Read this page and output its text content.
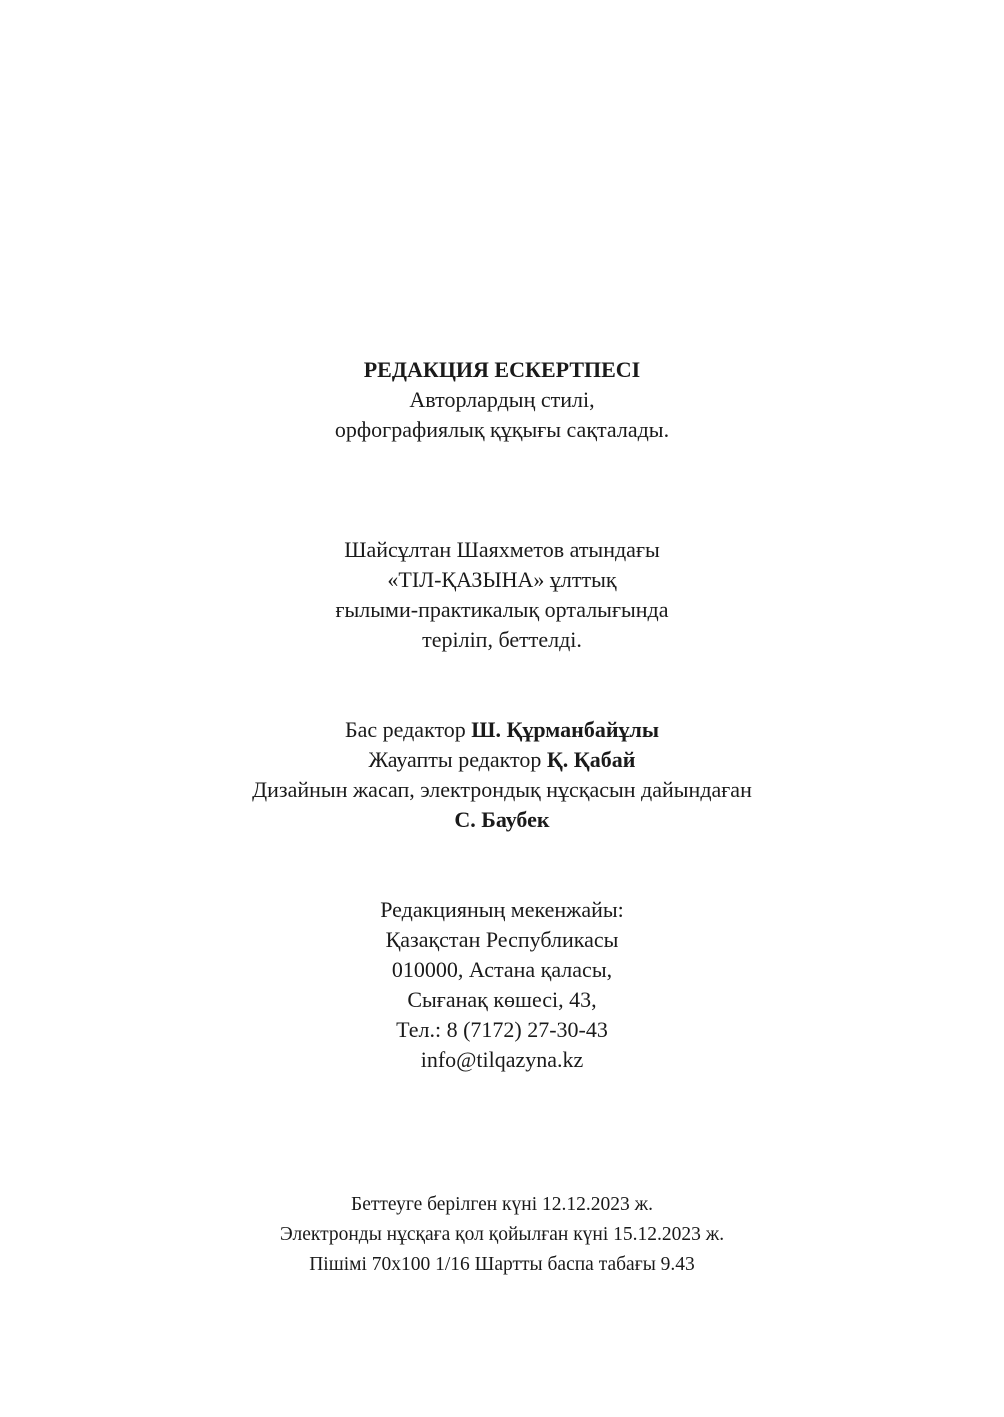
РЕДАКЦИЯ ЕСКЕРТПЕСІ
Авторлардың стилі,
орфографиялық құқығы сақталады.
Шайсұлтан Шаяхметов атындағы
«ТІЛ-ҚАЗЫНА» ұлттық
ғылыми-практикалық орталығында
теріліп, беттелді.
Бас редактор Ш. Құрманбайұлы
Жауапты редактор Қ. Қабай
Дизайнын жасап, электрондық нұсқасын дайындаған
С. Баубек
Редакцияның мекенжайы:
Қазақстан Республикасы
010000, Астана қаласы,
Сығанақ көшесі, 43,
Тел.: 8 (7172) 27-30-43
info@tilqazyna.kz
Беттеуге берілген күні 12.12.2023 ж.
Электронды нұсқаға қол қойылған күні 15.12.2023 ж.
Пішімі 70х100 1/16 Шартты баспа табағы 9.43
